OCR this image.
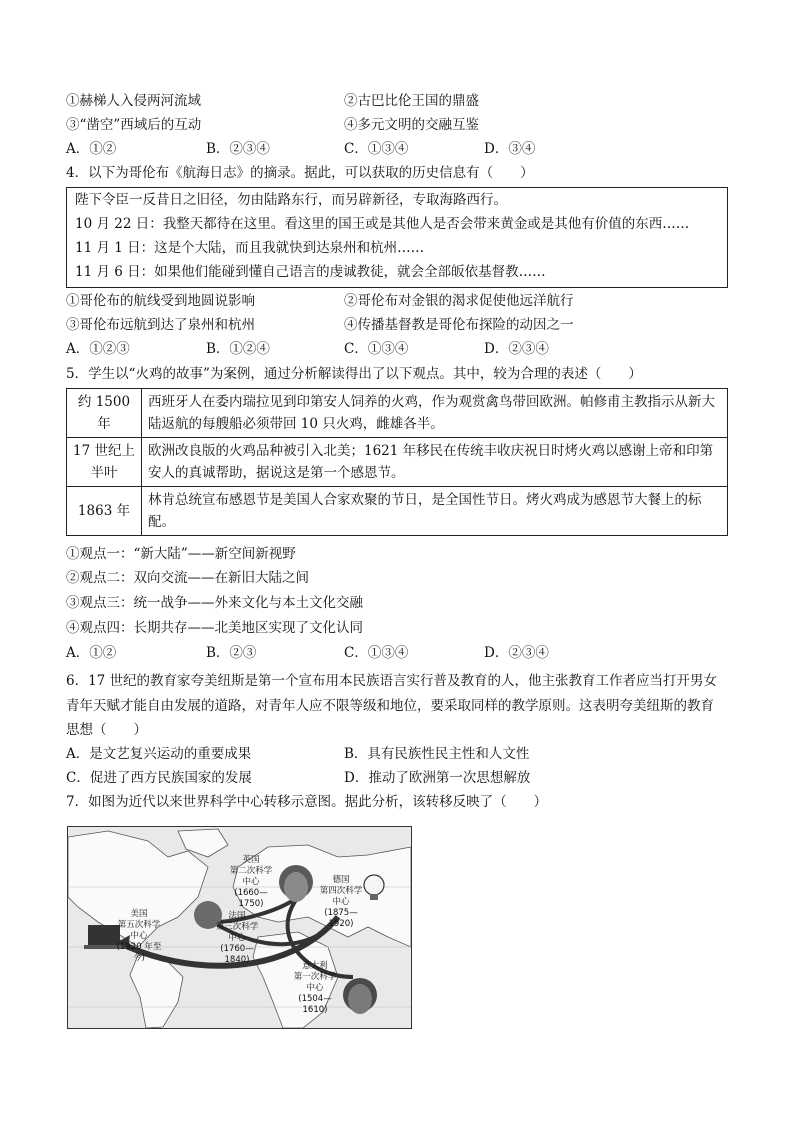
①赫梯人入侵两河流域	②古巴比伦王国的鼎盛
③“凿空”西域后的互动	④多元文明的交融互鉴
A．①②	B．②③④	C．①③④	D．③④
4．以下为哥伦布《航海日志》的摘录。据此，可以获取的历史信息有（　　）
陛下令臣一反昔日之旧径，勿由陆路东行，而另辟新径，专取海路西行。
10 月 22 日：我整天都待在这里。看这里的国王或是其他人是否会带来黄金或是其他有价值的东西……
11 月 1 日：这是个大陆，而且我就快到达泉州和杭州……
11 月 6 日：如果他们能碰到懂自己语言的虔诚教徒，就会全部皈依基督教……
①哥伦布的航线受到地圆说影响	②哥伦布对金银的渴求促使他远洋航行
③哥伦布远航到达了泉州和杭州	④传播基督教是哥伦布探险的动因之一
A．①②③	B．①②④	C．①③④	D．②③④
5．学生以“火鸡的故事”为案例，通过分析解读得出了以下观点。其中，较为合理的表述（　　）
约 1500 年	西班牙人在委内瑞拉见到印第安人饲养的火鸡，作为观赏禽鸟带回欧洲。帕修甫主教指示从新大陆返航的每艘船必须带回 10 只火鸡，雌雄各半。
17 世纪上半叶	欧洲改良版的火鸡品种被引入北美；1621 年移民在传统丰收庆祝日时烤火鸡以感谢上帝和印第安人的真诚帮助，据说这是第一个感恩节。
1863 年	林肯总统宣布感恩节是美国人合家欢聚的节日，是全国性节日。烤火鸡成为感恩节大餐上的标配。
①观点一：“新大陆”——新空间新视野
②观点二：双向交流——在新旧大陆之间
③观点三：统一战争——外来文化与本土文化交融
④观点四：长期共存——北美地区实现了文化认同
A．①②	B．②③	C．①③④	D．②③④
6．17 世纪的教育家夸美纽斯是第一个宣布用本民族语言实行普及教育的人，他主张教育工作者应当打开男女
青年天赋才能自由发展的道路，对青年人应不限等级和地位，要采取同样的教学原则。这表明夸美纽斯的教育
思想（　　）
A．是文艺复兴运动的重要成果	B．具有民族性民主性和人文性
C．促进了西方民族国家的发展	D．推动了欧洲第一次思想解放
7．如图为近代以来世界科学中心转移示意图。据此分析，该转移反映了（　　）
英国
第二次科学中心
(1660—1750)
德国
第四次科学中心
(1875—1920)
法国
第三次科学中心
(1760—1840)
美国
第五次科学中心
(1920 年至今)
意大利
第一次科学中心
(1504—1610)
